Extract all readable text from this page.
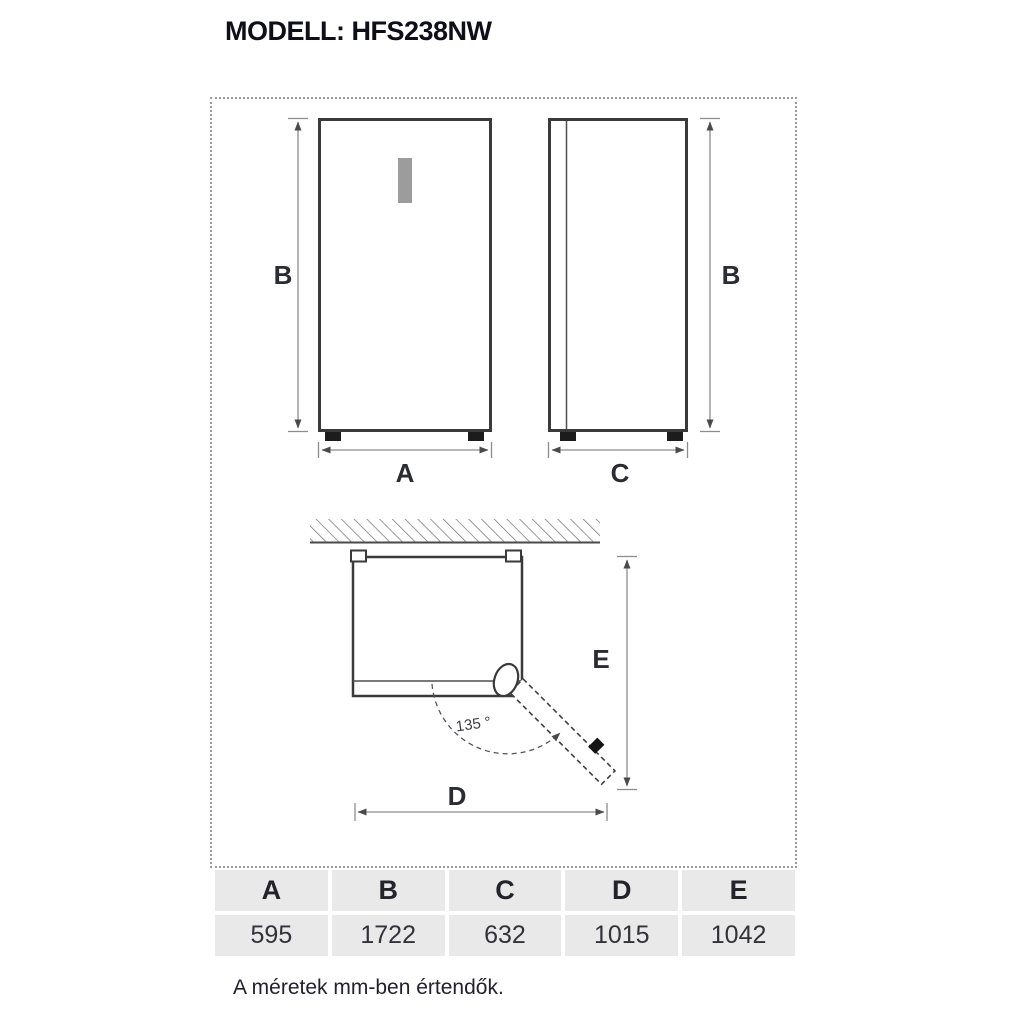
MODELL: HFS238NW
B
A
B
C
135 °
E
D
A	B	C	D	E
595	1722	632	1015	1042
A méretek mm-ben értendők.
